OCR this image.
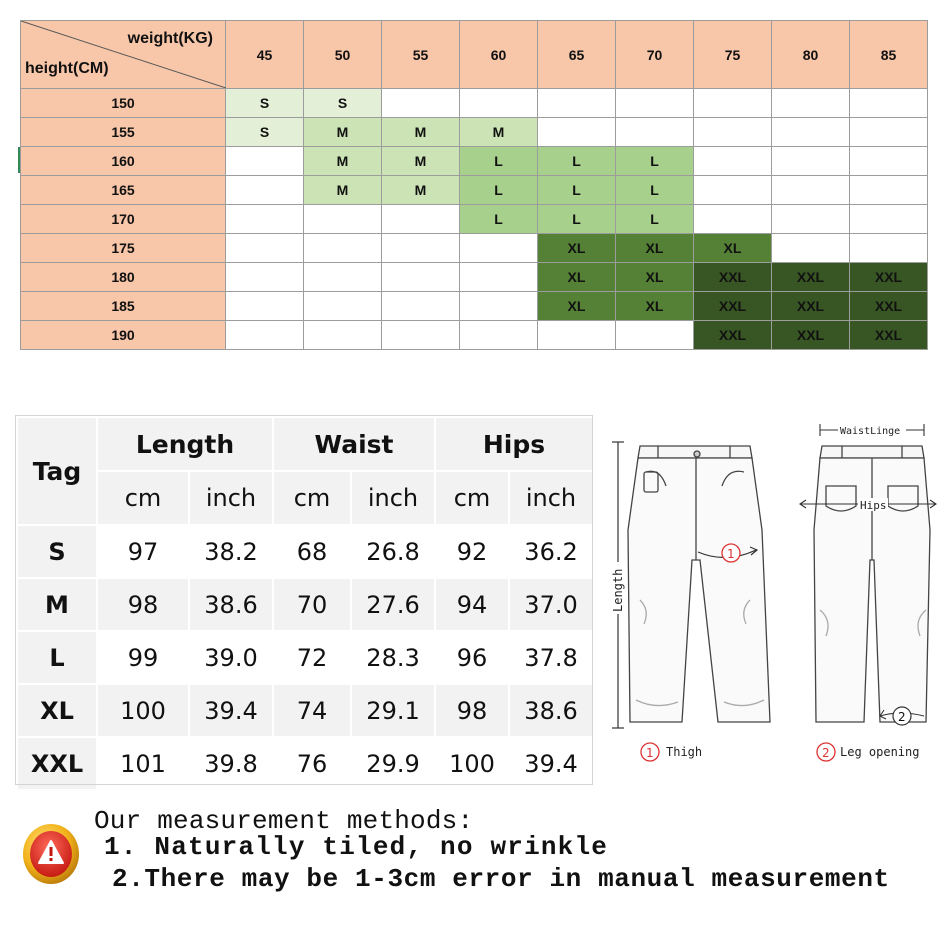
weight(KG)
height(CM)	45	50	55	60	65	70	75	80	85
150	S	S							
155	S	M	M	M					
160		M	M	L	L	L			
165		M	M	L	L	L			
170				L	L	L			
175					XL	XL	XL		
180					XL	XL	XXL	XXL	XXL
185					XL	XL	XXL	XXL	XXL
190							XXL	XXL	XXL
Tag	Length		Waist		Hips	
	cm	inch	cm	inch	cm	inch
S	97	38.2	68	26.8	92	36.2
M	98	38.6	70	27.6	94	37.0
L	99	39.0	72	28.3	96	37.8
XL	100	39.4	74	29.1	98	38.6
XXL	101	39.8	76	29.9	100	39.4
Length
1
WaistLinge
Hips
2
1 Thigh	2 Leg opening
Our measurement methods:
1. Naturally tiled, no wrinkle
2.There may be 1-3cm error in manual measurement
